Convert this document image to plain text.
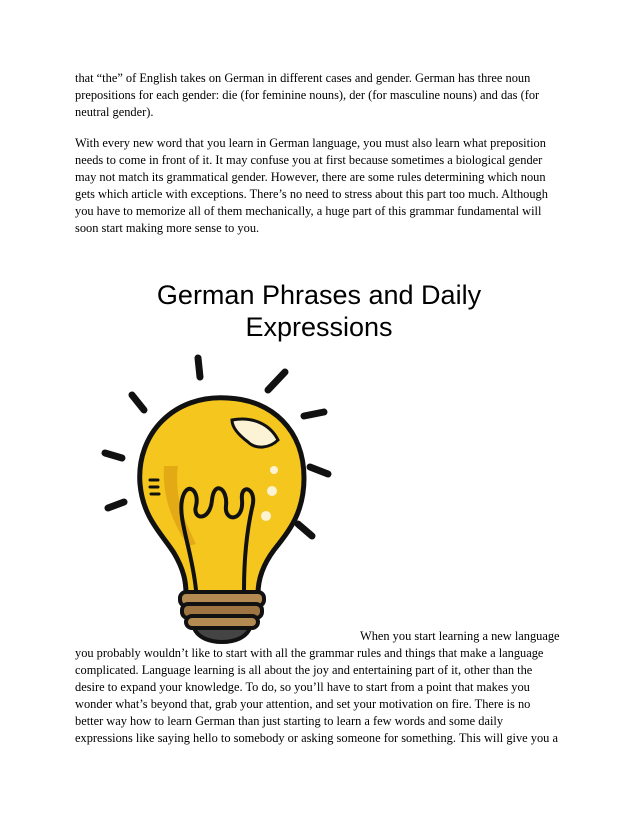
that “the” of English takes on German in different cases and gender. German has three noun
prepositions for each gender: die (for feminine nouns), der (for masculine nouns) and das (for
neutral gender).
With every new word that you learn in German language, you must also learn what preposition
needs to come in front of it. It may confuse you at first because sometimes a biological gender
may not match its grammatical gender. However, there are some rules determining which noun
gets which article with exceptions. There’s no need to stress about this part too much. Although
you have to memorize all of them mechanically, a huge part of this grammar fundamental will
soon start making more sense to you.
German Phrases and Daily
Expressions
When you start learning a new language
you probably wouldn’t like to start with all the grammar rules and things that make a language
complicated. Language learning is all about the joy and entertaining part of it, other than the
desire to expand your knowledge. To do, so you’ll have to start from a point that makes you
wonder what’s beyond that, grab your attention, and set your motivation on fire. There is no
better way how to learn German than just starting to learn a few words and some daily
expressions like saying hello to somebody or asking someone for something. This will give you a
